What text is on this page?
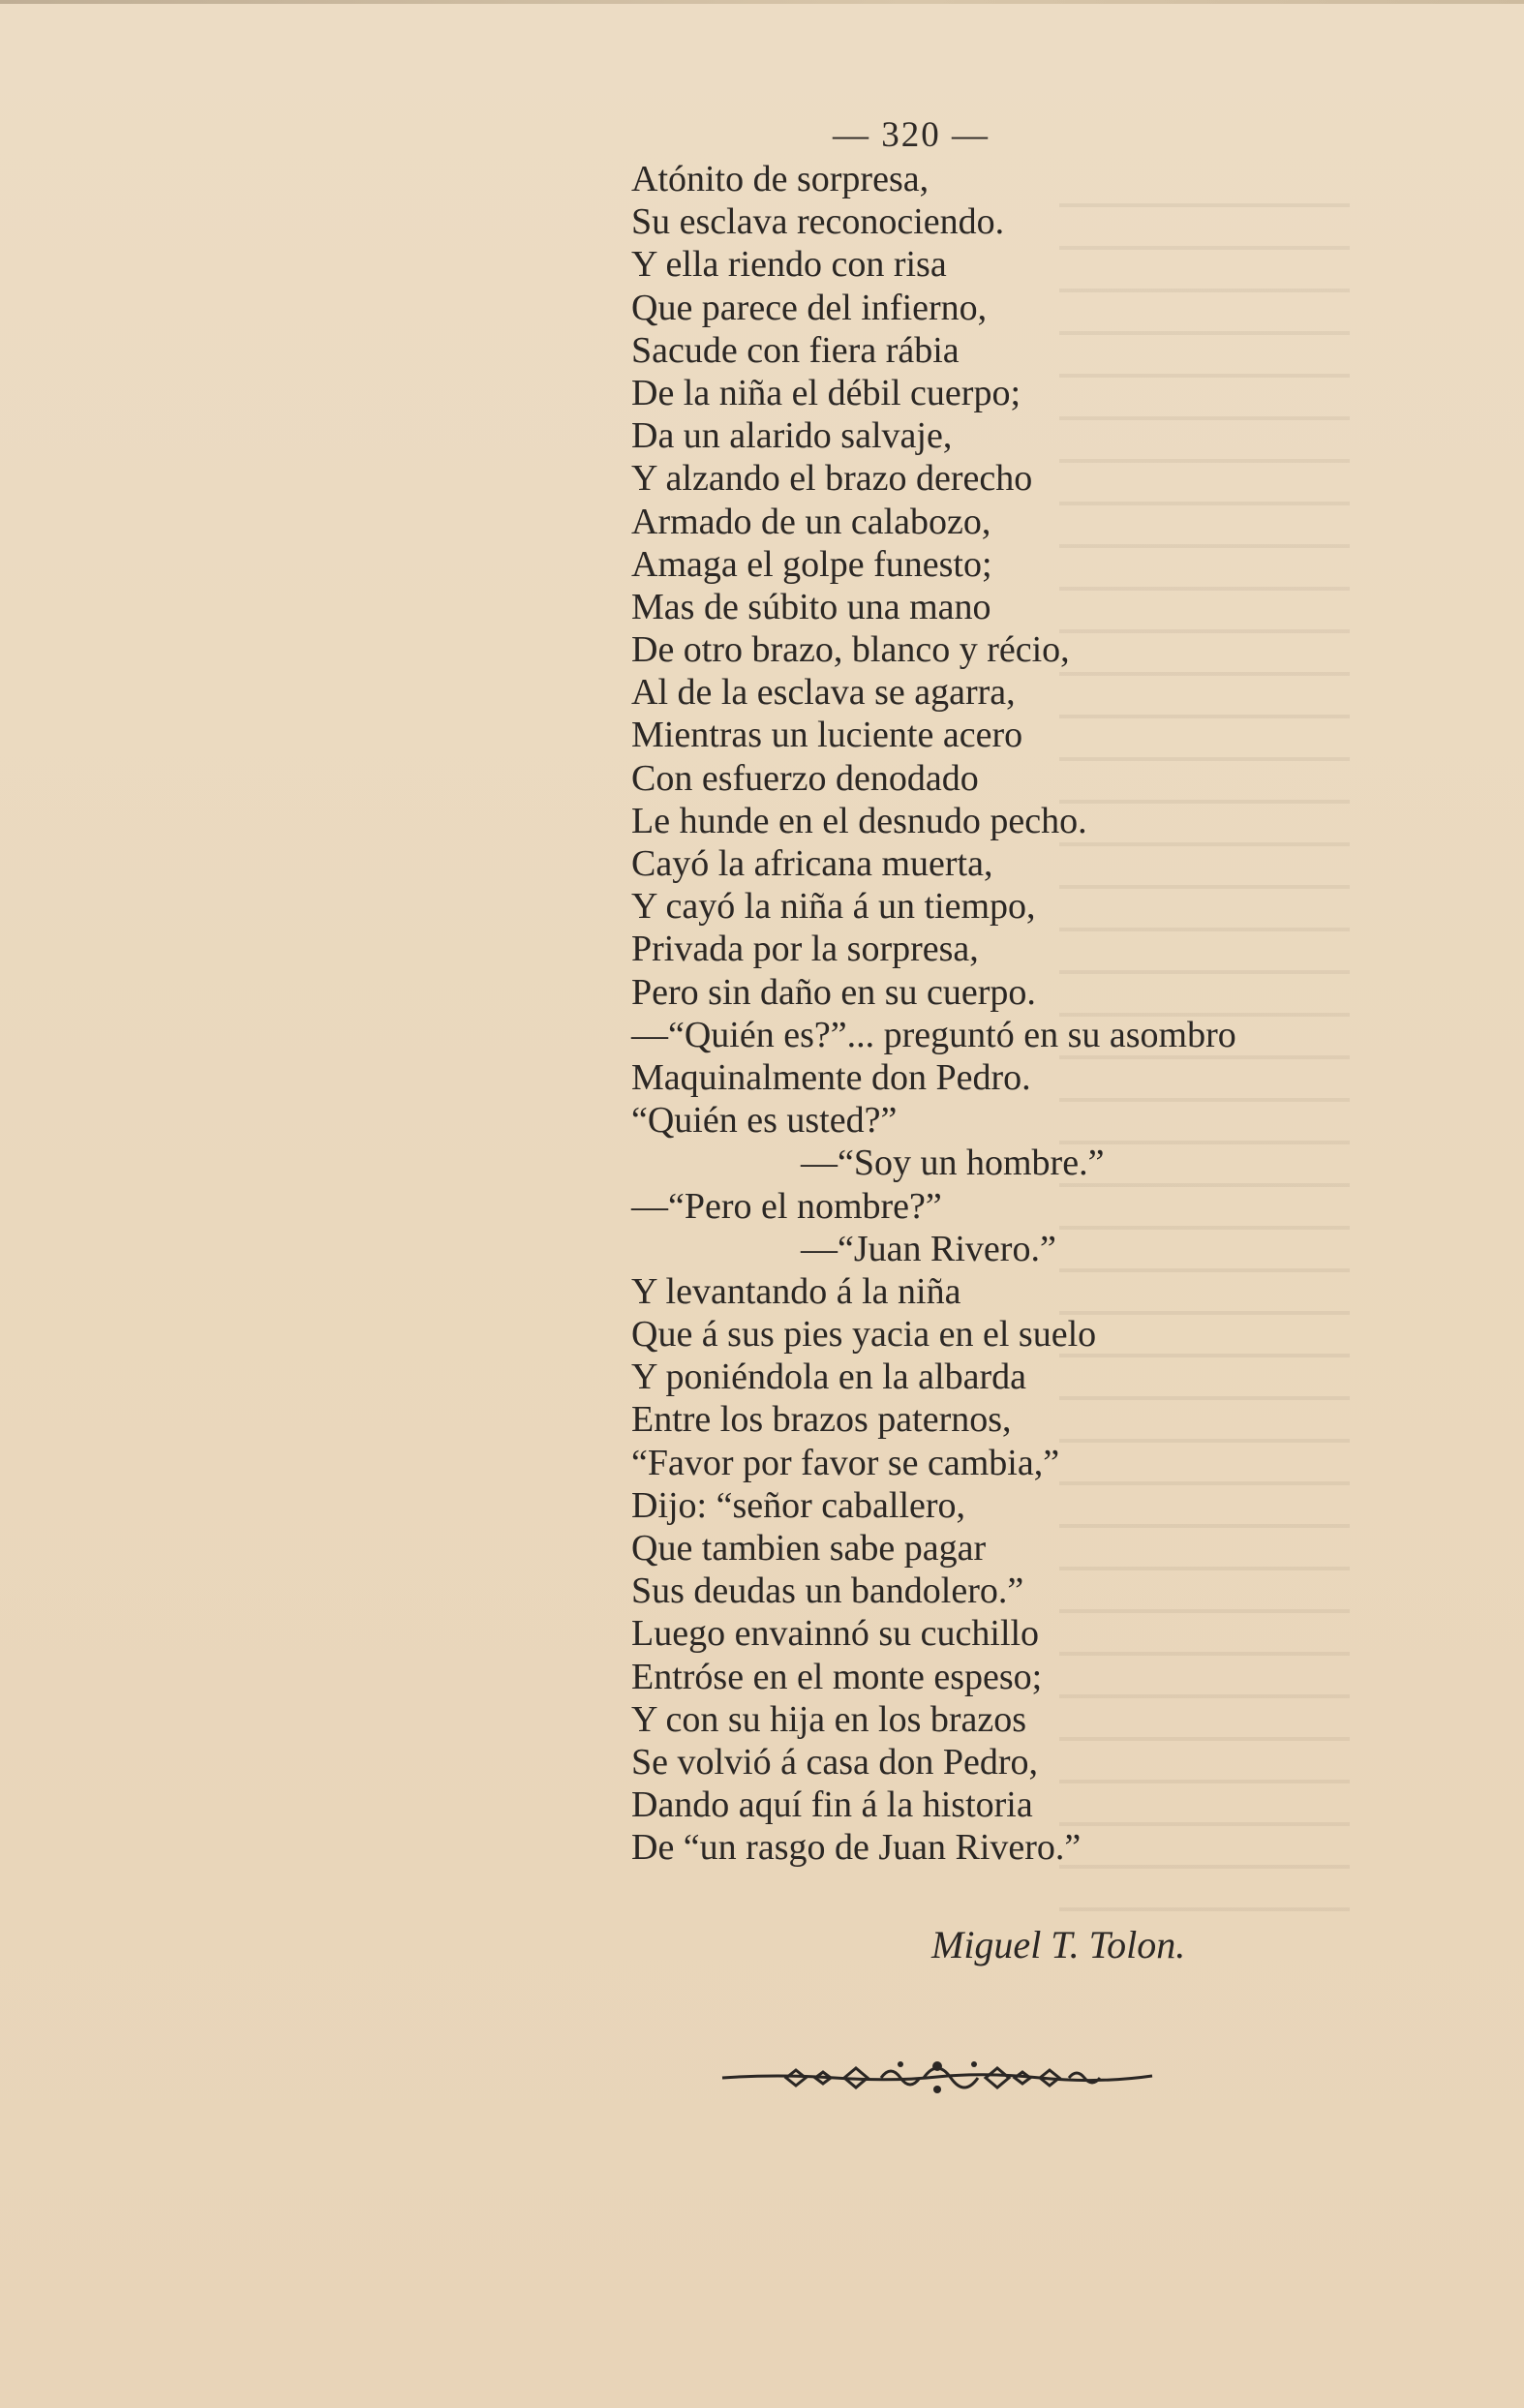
— 320 —
Atónito de sorpresa,
Su esclava reconociendo.
Y ella riendo con risa
Que parece del infierno,
Sacude con fiera rábia
De la niña el débil cuerpo;
Da un alarido salvaje,
Y alzando el brazo derecho
Armado de un calabozo,
Amaga el golpe funesto;
Mas de súbito una mano
De otro brazo, blanco y récio,
Al de la esclava se agarra,
Mientras un luciente acero
Con esfuerzo denodado
Le hunde en el desnudo pecho.
Cayó la africana muerta,
Y cayó la niña á un tiempo,
Privada por la sorpresa,
Pero sin daño en su cuerpo.
—“Quién es?”... preguntó en su asombro
Maquinalmente don Pedro.
“Quién es usted?”
—“Soy un hombre.”
—“Pero el nombre?”
—“Juan Rivero.”
Y levantando á la niña
Que á sus pies yacia en el suelo
Y poniéndola en la albarda
Entre los brazos paternos,
“Favor por favor se cambia,”
Dijo: “señor caballero,
Que tambien sabe pagar
Sus deudas un bandolero.”
Luego envainnó su cuchillo
Entróse en el monte espeso;
Y con su hija en los brazos
Se volvió á casa don Pedro,
Dando aquí fin á la historia
De “un rasgo de Juan Rivero.”
Miguel T. Tolon.
